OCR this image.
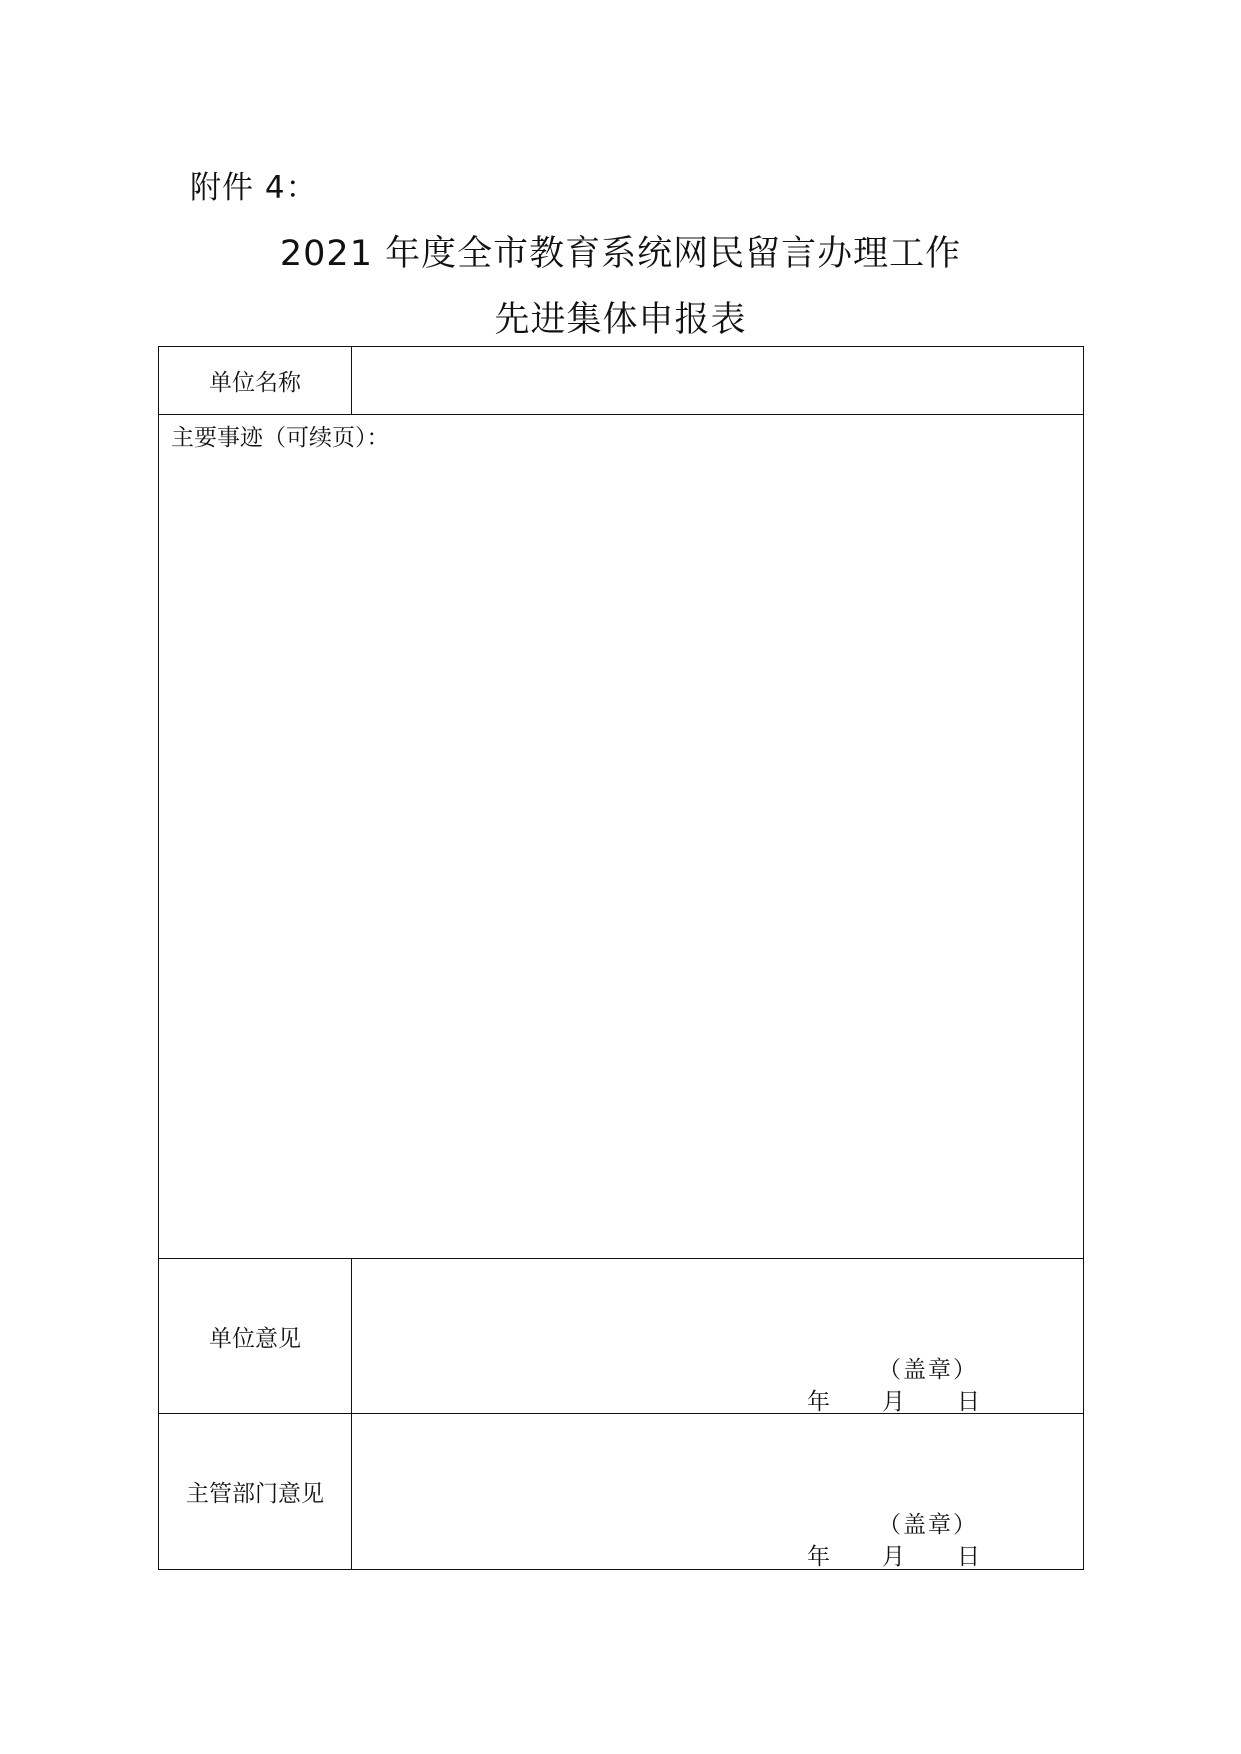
附件 4：
2021 年度全市教育系统网民留言办理工作
先进集体申报表
单位名称
主要事迹（可续页）：
单位意见
（盖章）
年 月 日
主管部门意见
（盖章）
年 月 日
